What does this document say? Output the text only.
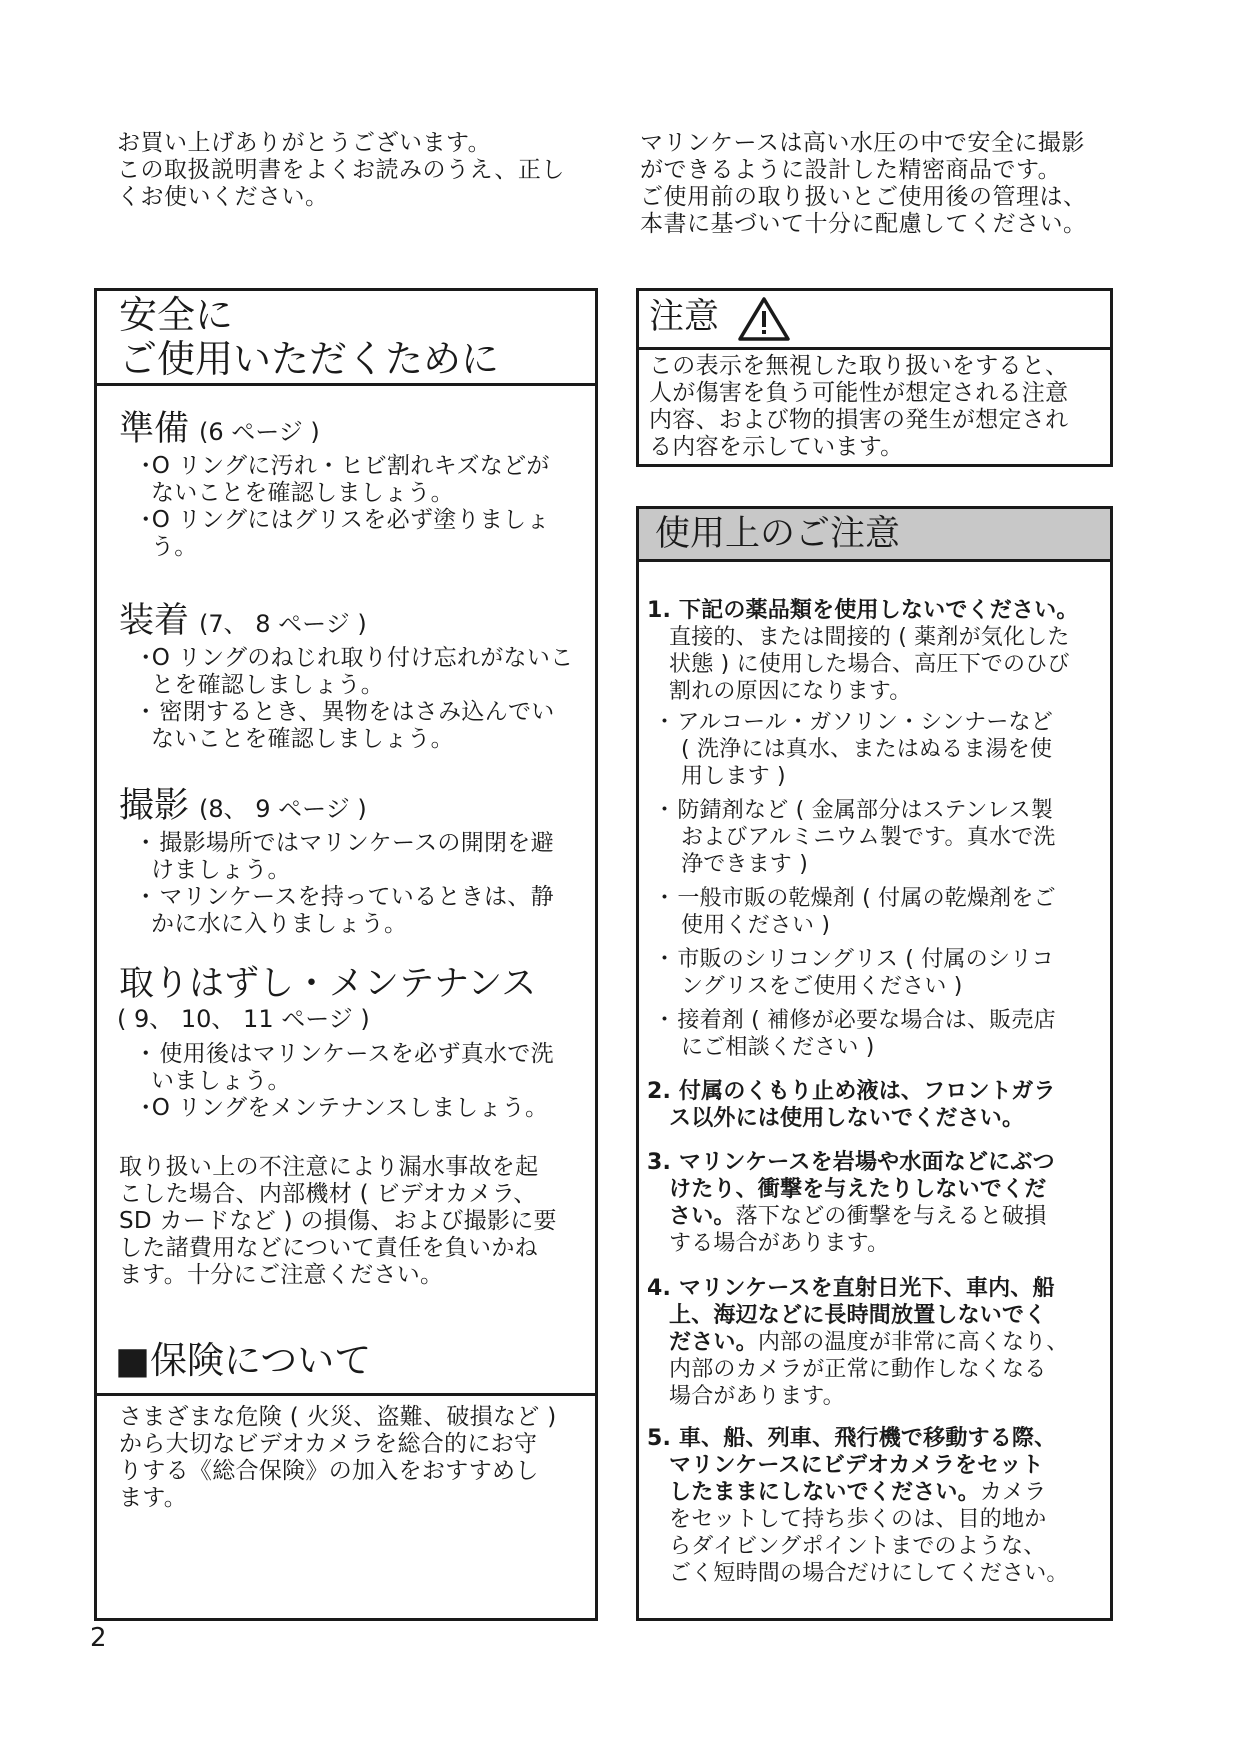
お買い上げありがとうございます。
この取扱説明書をよくお読みのうえ、正し
くお使いください。
マリンケースは高い水圧の中で安全に撮影
ができるように設計した精密商品です。
ご使用前の取り扱いとご使用後の管理は、
本書に基づいて十分に配慮してください。
安全に
ご使用いただくために
準備 (6 ページ )
･O リングに汚れ・ヒビ割れキズなどが
ないことを確認しましょう。
･O リングにはグリスを必ず塗りましょ
う。
装着 (7、 8 ページ )
･O リングのねじれ取り付け忘れがないこ
とを確認しましょう。
･ 密閉するとき、異物をはさみ込んでい
ないことを確認しましょう。
撮影 (8、 9 ページ )
･ 撮影場所ではマリンケースの開閉を避
けましょう。
･ マリンケースを持っているときは、静
かに水に入りましょう。
取りはずし・メンテナンス
( 9、 10、 11 ページ )
･ 使用後はマリンケースを必ず真水で洗
いましょう。
･O リングをメンテナンスしましょう。
取り扱い上の不注意により漏水事故を起
こした場合、内部機材 ( ビデオカメラ、
SD カードなど ) の損傷、および撮影に要
した諸費用などについて責任を負いかね
ます。十分にご注意ください。
■保険について
さまざまな危険 ( 火災、盗難、破損など )
から大切なビデオカメラを総合的にお守
りする《総合保険》の加入をおすすめし
ます。
注意
この表示を無視した取り扱いをすると、
人が傷害を負う可能性が想定される注意
内容、および物的損害の発生が想定され
る内容を示しています。
使用上のご注意
1. 下記の薬品類を使用しないでください。
直接的、または間接的 ( 薬剤が気化した
状態 ) に使用した場合、高圧下でのひび
割れの原因になります。
･ アルコール・ガソリン・シンナーなど
( 洗浄には真水、またはぬるま湯を使
用します )
･ 防錆剤など ( 金属部分はステンレス製
およびアルミニウム製です。真水で洗
浄できます )
･ 一般市販の乾燥剤 ( 付属の乾燥剤をご
使用ください )
･ 市販のシリコングリス ( 付属のシリコ
ングリスをご使用ください )
･ 接着剤 ( 補修が必要な場合は、販売店
にご相談ください )
2. 付属のくもり止め液は、フロントガラ
ス以外には使用しないでください。
3. マリンケースを岩場や水面などにぶつ
けたり、衝撃を与えたりしないでくだ
さい。落下などの衝撃を与えると破損
する場合があります。
4. マリンケースを直射日光下、車内、船
上、海辺などに長時間放置しないでく
ださい。内部の温度が非常に高くなり、
内部のカメラが正常に動作しなくなる
場合があります。
5. 車、船、列車、飛行機で移動する際、
マリンケースにビデオカメラをセット
したままにしないでください。カメラ
をセットして持ち歩くのは、目的地か
らダイビングポイントまでのような、
ごく短時間の場合だけにしてください。
2
